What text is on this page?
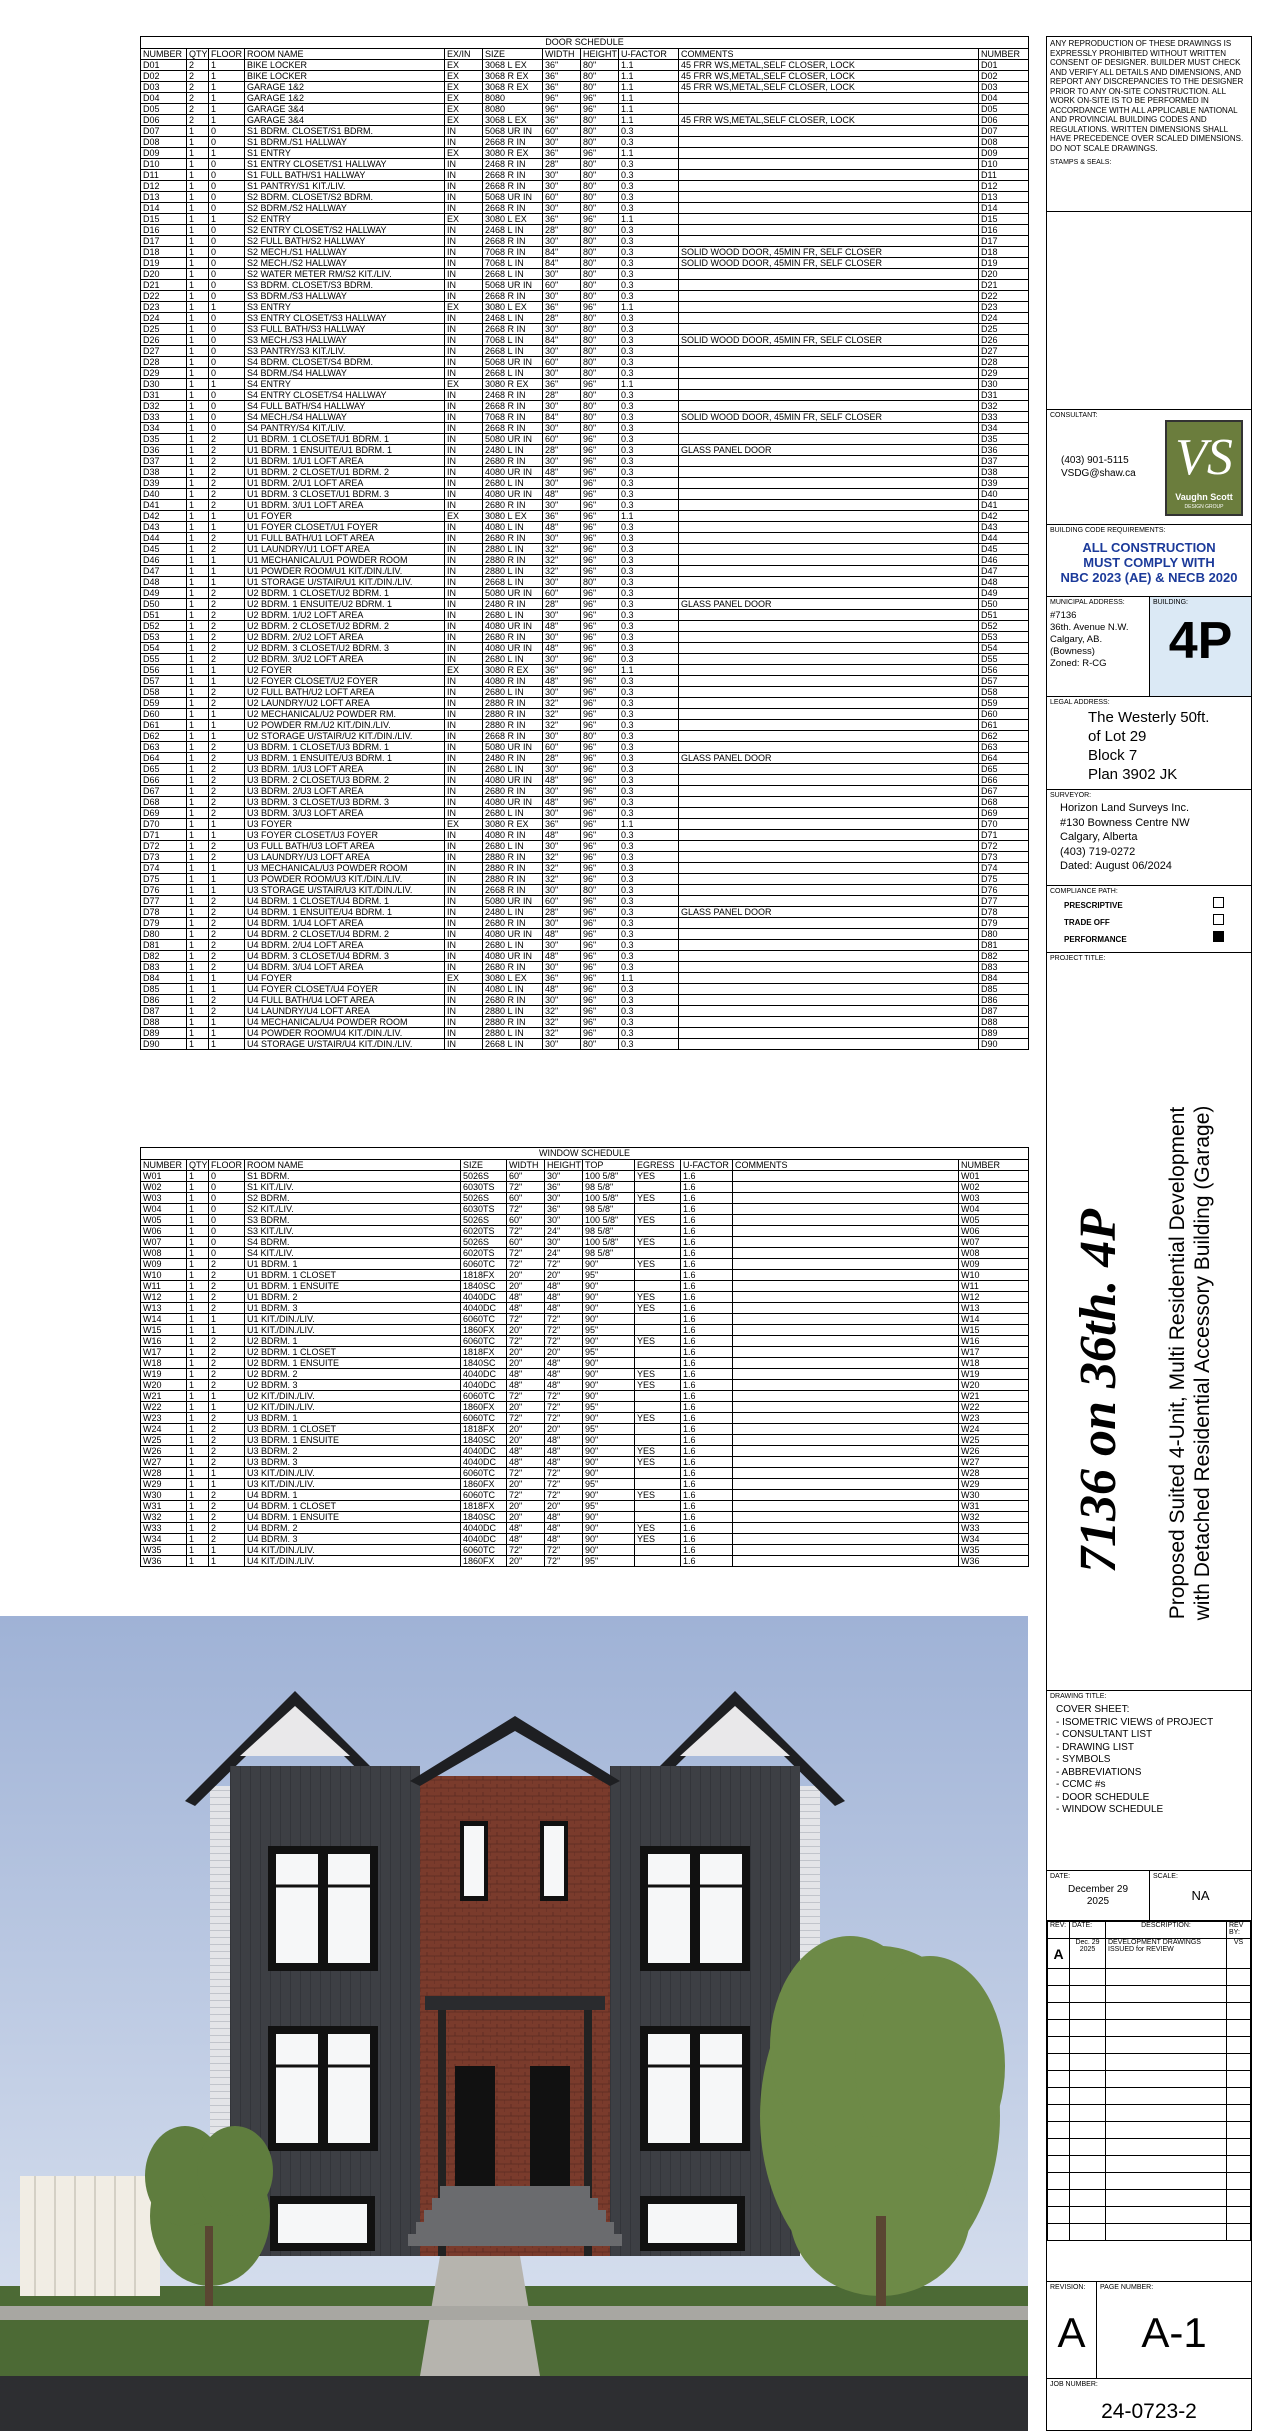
DOOR SCHEDULE
NUMBER	QTY	FLOOR	ROOM NAME	EX/IN	SIZE	WIDTH	HEIGHT	U-FACTOR	COMMENTS	NUMBER
D01	2	1	BIKE LOCKER	EX	3068 L EX	36"	80"	1.1	45 FRR WS,METAL,SELF CLOSER, LOCK	D01
D02	2	1	BIKE LOCKER	EX	3068 R EX	36"	80"	1.1	45 FRR WS,METAL,SELF CLOSER, LOCK	D02
D03	2	1	GARAGE 1&2	EX	3068 R EX	36"	80"	1.1	45 FRR WS,METAL,SELF CLOSER, LOCK	D03
D04	2	1	GARAGE 1&2	EX	8080	96"	96"	1.1		D04
D05	2	1	GARAGE 3&4	EX	8080	96"	96"	1.1		D05
D06	2	1	GARAGE 3&4	EX	3068 L EX	36"	80"	1.1	45 FRR WS,METAL,SELF CLOSER, LOCK	D06
D07	1	0	S1 BDRM. CLOSET/S1 BDRM.	IN	5068 UR IN	60"	80"	0.3		D07
D08	1	0	S1 BDRM./S1 HALLWAY	IN	2668 R IN	30"	80"	0.3		D08
D09	1	1	S1 ENTRY	EX	3080 R EX	36"	96"	1.1		D09
D10	1	0	S1 ENTRY CLOSET/S1 HALLWAY	IN	2468 R IN	28"	80"	0.3		D10
D11	1	0	S1 FULL BATH/S1 HALLWAY	IN	2668 R IN	30"	80"	0.3		D11
D12	1	0	S1 PANTRY/S1 KIT./LIV.	IN	2668 R IN	30"	80"	0.3		D12
D13	1	0	S2 BDRM. CLOSET/S2 BDRM.	IN	5068 UR IN	60"	80"	0.3		D13
D14	1	0	S2 BDRM./S2 HALLWAY	IN	2668 R IN	30"	80"	0.3		D14
D15	1	1	S2 ENTRY	EX	3080 L EX	36"	96"	1.1		D15
D16	1	0	S2 ENTRY CLOSET/S2 HALLWAY	IN	2468 L IN	28"	80"	0.3		D16
D17	1	0	S2 FULL BATH/S2 HALLWAY	IN	2668 R IN	30"	80"	0.3		D17
D18	1	0	S2 MECH./S1 HALLWAY	IN	7068 R IN	84"	80"	0.3	SOLID WOOD DOOR, 45MIN FR, SELF CLOSER	D18
D19	1	0	S2 MECH./S2 HALLWAY	IN	7068 L IN	84"	80"	0.3	SOLID WOOD DOOR, 45MIN FR, SELF CLOSER	D19
D20	1	0	S2 WATER METER RM/S2 KIT./LIV.	IN	2668 L IN	30"	80"	0.3		D20
D21	1	0	S3 BDRM. CLOSET/S3 BDRM.	IN	5068 UR IN	60"	80"	0.3		D21
D22	1	0	S3 BDRM./S3 HALLWAY	IN	2668 R IN	30"	80"	0.3		D22
D23	1	1	S3 ENTRY	EX	3080 L EX	36"	96"	1.1		D23
D24	1	0	S3 ENTRY CLOSET/S3 HALLWAY	IN	2468 L IN	28"	80"	0.3		D24
D25	1	0	S3 FULL BATH/S3 HALLWAY	IN	2668 R IN	30"	80"	0.3		D25
D26	1	0	S3 MECH./S3 HALLWAY	IN	7068 L IN	84"	80"	0.3	SOLID WOOD DOOR, 45MIN FR, SELF CLOSER	D26
D27	1	0	S3 PANTRY/S3 KIT./LIV.	IN	2668 L IN	30"	80"	0.3		D27
D28	1	0	S4 BDRM. CLOSET/S4 BDRM.	IN	5068 UR IN	60"	80"	0.3		D28
D29	1	0	S4 BDRM./S4 HALLWAY	IN	2668 L IN	30"	80"	0.3		D29
D30	1	1	S4 ENTRY	EX	3080 R EX	36"	96"	1.1		D30
D31	1	0	S4 ENTRY CLOSET/S4 HALLWAY	IN	2468 R IN	28"	80"	0.3		D31
D32	1	0	S4 FULL BATH/S4 HALLWAY	IN	2668 R IN	30"	80"	0.3		D32
D33	1	0	S4 MECH./S4 HALLWAY	IN	7068 R IN	84"	80"	0.3	SOLID WOOD DOOR, 45MIN FR, SELF CLOSER	D33
D34	1	0	S4 PANTRY/S4 KIT./LIV.	IN	2668 R IN	30"	80"	0.3		D34
D35	1	2	U1 BDRM. 1 CLOSET/U1 BDRM. 1	IN	5080 UR IN	60"	96"	0.3		D35
D36	1	2	U1 BDRM. 1 ENSUITE/U1 BDRM. 1	IN	2480 L IN	28"	96"	0.3	GLASS PANEL DOOR	D36
D37	1	2	U1 BDRM. 1/U1 LOFT AREA	IN	2680 R IN	30"	96"	0.3		D37
D38	1	2	U1 BDRM. 2 CLOSET/U1 BDRM. 2	IN	4080 UR IN	48"	96"	0.3		D38
D39	1	2	U1 BDRM. 2/U1 LOFT AREA	IN	2680 L IN	30"	96"	0.3		D39
D40	1	2	U1 BDRM. 3 CLOSET/U1 BDRM. 3	IN	4080 UR IN	48"	96"	0.3		D40
D41	1	2	U1 BDRM. 3/U1 LOFT AREA	IN	2680 R IN	30"	96"	0.3		D41
D42	1	1	U1 FOYER	EX	3080 L EX	36"	96"	1.1		D42
D43	1	1	U1 FOYER CLOSET/U1 FOYER	IN	4080 L IN	48"	96"	0.3		D43
D44	1	2	U1 FULL BATH/U1 LOFT AREA	IN	2680 R IN	30"	96"	0.3		D44
D45	1	2	U1 LAUNDRY/U1 LOFT AREA	IN	2880 L IN	32"	96"	0.3		D45
D46	1	1	U1 MECHANICAL/U1 POWDER ROOM	IN	2880 R IN	32"	96"	0.3		D46
D47	1	1	U1 POWDER ROOM/U1 KIT./DIN./LIV.	IN	2880 L IN	32"	96"	0.3		D47
D48	1	1	U1 STORAGE U/STAIR/U1 KIT./DIN./LIV.	IN	2668 L IN	30"	80"	0.3		D48
D49	1	2	U2 BDRM. 1 CLOSET/U2 BDRM. 1	IN	5080 UR IN	60"	96"	0.3		D49
D50	1	2	U2 BDRM. 1 ENSUITE/U2 BDRM. 1	IN	2480 R IN	28"	96"	0.3	GLASS PANEL DOOR	D50
D51	1	2	U2 BDRM. 1/U2 LOFT AREA	IN	2680 L IN	30"	96"	0.3		D51
D52	1	2	U2 BDRM. 2 CLOSET/U2 BDRM. 2	IN	4080 UR IN	48"	96"	0.3		D52
D53	1	2	U2 BDRM. 2/U2 LOFT AREA	IN	2680 R IN	30"	96"	0.3		D53
D54	1	2	U2 BDRM. 3 CLOSET/U2 BDRM. 3	IN	4080 UR IN	48"	96"	0.3		D54
D55	1	2	U2 BDRM. 3/U2 LOFT AREA	IN	2680 L IN	30"	96"	0.3		D55
D56	1	1	U2 FOYER	EX	3080 R EX	36"	96"	1.1		D56
D57	1	1	U2 FOYER CLOSET/U2 FOYER	IN	4080 R IN	48"	96"	0.3		D57
D58	1	2	U2 FULL BATH/U2 LOFT AREA	IN	2680 L IN	30"	96"	0.3		D58
D59	1	2	U2 LAUNDRY/U2 LOFT AREA	IN	2880 R IN	32"	96"	0.3		D59
D60	1	1	U2 MECHANICAL/U2 POWDER RM.	IN	2880 R IN	32"	96"	0.3		D60
D61	1	1	U2 POWDER RM./U2 KIT./DIN./LIV.	IN	2880 R IN	32"	96"	0.3		D61
D62	1	1	U2 STORAGE U/STAIR/U2 KIT./DIN./LIV.	IN	2668 R IN	30"	80"	0.3		D62
D63	1	2	U3 BDRM. 1 CLOSET/U3 BDRM. 1	IN	5080 UR IN	60"	96"	0.3		D63
D64	1	2	U3 BDRM. 1 ENSUITE/U3 BDRM. 1	IN	2480 R IN	28"	96"	0.3	GLASS PANEL DOOR	D64
D65	1	2	U3 BDRM. 1/U3 LOFT AREA	IN	2680 L IN	30"	96"	0.3		D65
D66	1	2	U3 BDRM. 2 CLOSET/U3 BDRM. 2	IN	4080 UR IN	48"	96"	0.3		D66
D67	1	2	U3 BDRM. 2/U3 LOFT AREA	IN	2680 R IN	30"	96"	0.3		D67
D68	1	2	U3 BDRM. 3 CLOSET/U3 BDRM. 3	IN	4080 UR IN	48"	96"	0.3		D68
D69	1	2	U3 BDRM. 3/U3 LOFT AREA	IN	2680 L IN	30"	96"	0.3		D69
D70	1	1	U3 FOYER	EX	3080 R EX	36"	96"	1.1		D70
D71	1	1	U3 FOYER CLOSET/U3 FOYER	IN	4080 R IN	48"	96"	0.3		D71
D72	1	2	U3 FULL BATH/U3 LOFT AREA	IN	2680 L IN	30"	96"	0.3		D72
D73	1	2	U3 LAUNDRY/U3 LOFT AREA	IN	2880 R IN	32"	96"	0.3		D73
D74	1	1	U3 MECHANICAL/U3 POWDER ROOM	IN	2880 R IN	32"	96"	0.3		D74
D75	1	1	U3 POWDER ROOM/U3 KIT./DIN./LIV.	IN	2880 R IN	32"	96"	0.3		D75
D76	1	1	U3 STORAGE U/STAIR/U3 KIT./DIN./LIV.	IN	2668 R IN	30"	80"	0.3		D76
D77	1	2	U4 BDRM. 1 CLOSET/U4 BDRM. 1	IN	5080 UR IN	60"	96"	0.3		D77
D78	1	2	U4 BDRM. 1 ENSUITE/U4 BDRM. 1	IN	2480 L IN	28"	96"	0.3	GLASS PANEL DOOR	D78
D79	1	2	U4 BDRM. 1/U4 LOFT AREA	IN	2680 R IN	30"	96"	0.3		D79
D80	1	2	U4 BDRM. 2 CLOSET/U4 BDRM. 2	IN	4080 UR IN	48"	96"	0.3		D80
D81	1	2	U4 BDRM. 2/U4 LOFT AREA	IN	2680 L IN	30"	96"	0.3		D81
D82	1	2	U4 BDRM. 3 CLOSET/U4 BDRM. 3	IN	4080 UR IN	48"	96"	0.3		D82
D83	1	2	U4 BDRM. 3/U4 LOFT AREA	IN	2680 R IN	30"	96"	0.3		D83
D84	1	1	U4 FOYER	EX	3080 L EX	36"	96"	1.1		D84
D85	1	1	U4 FOYER CLOSET/U4 FOYER	IN	4080 L IN	48"	96"	0.3		D85
D86	1	2	U4 FULL BATH/U4 LOFT AREA	IN	2680 R IN	30"	96"	0.3		D86
D87	1	2	U4 LAUNDRY/U4 LOFT AREA	IN	2880 L IN	32"	96"	0.3		D87
D88	1	1	U4 MECHANICAL/U4 POWDER ROOM	IN	2880 R IN	32"	96"	0.3		D88
D89	1	1	U4 POWDER ROOM/U4 KIT./DIN./LIV.	IN	2880 L IN	32"	96"	0.3		D89
D90	1	1	U4 STORAGE U/STAIR/U4 KIT./DIN./LIV.	IN	2668 L IN	30"	80"	0.3		D90
WINDOW SCHEDULE
NUMBER	QTY	FLOOR	ROOM NAME	SIZE	WIDTH	HEIGHT	TOP	EGRESS	U-FACTOR	COMMENTS	NUMBER
W01	1	0	S1 BDRM.	5026S	60"	30"	100 5/8"	YES	1.6		W01
W02	1	0	S1 KIT./LIV.	6030TS	72"	36"	98 5/8"		1.6		W02
W03	1	0	S2 BDRM.	5026S	60"	30"	100 5/8"	YES	1.6		W03
W04	1	0	S2 KIT./LIV.	6030TS	72"	36"	98 5/8"		1.6		W04
W05	1	0	S3 BDRM.	5026S	60"	30"	100 5/8"	YES	1.6		W05
W06	1	0	S3 KIT./LIV.	6020TS	72"	24"	98 5/8"		1.6		W06
W07	1	0	S4 BDRM.	5026S	60"	30"	100 5/8"	YES	1.6		W07
W08	1	0	S4 KIT./LIV.	6020TS	72"	24"	98 5/8"		1.6		W08
W09	1	2	U1 BDRM. 1	6060TC	72"	72"	90"	YES	1.6		W09
W10	1	2	U1 BDRM. 1 CLOSET	1818FX	20"	20"	95"		1.6		W10
W11	1	2	U1 BDRM. 1 ENSUITE	1840SC	20"	48"	90"		1.6		W11
W12	1	2	U1 BDRM. 2	4040DC	48"	48"	90"	YES	1.6		W12
W13	1	2	U1 BDRM. 3	4040DC	48"	48"	90"	YES	1.6		W13
W14	1	1	U1 KIT./DIN./LIV.	6060TC	72"	72"	90"		1.6		W14
W15	1	1	U1 KIT./DIN./LIV.	1860FX	20"	72"	95"		1.6		W15
W16	1	2	U2 BDRM. 1	6060TC	72"	72"	90"	YES	1.6		W16
W17	1	2	U2 BDRM. 1 CLOSET	1818FX	20"	20"	95"		1.6		W17
W18	1	2	U2 BDRM. 1 ENSUITE	1840SC	20"	48"	90"		1.6		W18
W19	1	2	U2 BDRM. 2	4040DC	48"	48"	90"	YES	1.6		W19
W20	1	2	U2 BDRM. 3	4040DC	48"	48"	90"	YES	1.6		W20
W21	1	1	U2 KIT./DIN./LIV.	6060TC	72"	72"	90"		1.6		W21
W22	1	1	U2 KIT./DIN./LIV.	1860FX	20"	72"	95"		1.6		W22
W23	1	2	U3 BDRM. 1	6060TC	72"	72"	90"	YES	1.6		W23
W24	1	2	U3 BDRM. 1 CLOSET	1818FX	20"	20"	95"		1.6		W24
W25	1	2	U3 BDRM. 1 ENSUITE	1840SC	20"	48"	90"		1.6		W25
W26	1	2	U3 BDRM. 2	4040DC	48"	48"	90"	YES	1.6		W26
W27	1	2	U3 BDRM. 3	4040DC	48"	48"	90"	YES	1.6		W27
W28	1	1	U3 KIT./DIN./LIV.	6060TC	72"	72"	90"		1.6		W28
W29	1	1	U3 KIT./DIN./LIV.	1860FX	20"	72"	95"		1.6		W29
W30	1	2	U4 BDRM. 1	6060TC	72"	72"	90"	YES	1.6		W30
W31	1	2	U4 BDRM. 1 CLOSET	1818FX	20"	20"	95"		1.6		W31
W32	1	2	U4 BDRM. 1 ENSUITE	1840SC	20"	48"	90"		1.6		W32
W33	1	2	U4 BDRM. 2	4040DC	48"	48"	90"	YES	1.6		W33
W34	1	2	U4 BDRM. 3	4040DC	48"	48"	90"	YES	1.6		W34
W35	1	1	U4 KIT./DIN./LIV.	6060TC	72"	72"	90"		1.6		W35
W36	1	1	U4 KIT./DIN./LIV.	1860FX	20"	72"	95"		1.6		W36
ANY REPRODUCTION OF THESE DRAWINGS IS EXPRESSLY PROHIBITED WITHOUT WRITTEN CONSENT OF DESIGNER. BUILDER MUST CHECK AND VERIFY ALL DETAILS AND DIMENSIONS, AND REPORT ANY DISCREPANCIES TO THE DESIGNER PRIOR TO ANY ON-SITE CONSTRUCTION. ALL WORK ON-SITE IS TO BE PERFORMED IN ACCORDANCE WITH ALL APPLICABLE NATIONAL AND PROVINCIAL BUILDING CODES AND REGULATIONS. WRITTEN DIMENSIONS SHALL HAVE PRECEDENCE OVER SCALED DIMENSIONS. DO NOT SCALE DRAWINGS.
STAMPS & SEALS:
CONSULTANT:
(403) 901-5115
VSDG@shaw.ca VS
Vaughn Scott
DESIGN GROUP
BUILDING CODE REQUIREMENTS:
ALL CONSTRUCTION
MUST COMPLY WITH
NBC 2023 (AE) & NECB 2020
MUNICIPAL ADDRESS:
#7136
36th. Avenue N.W.
Calgary, AB.
(Bowness)
Zoned: R-CG
BUILDING:
4P
LEGAL ADDRESS:
The Westerly 50ft.
of Lot 29
Block 7
Plan 3902 JK
SURVEYOR:
Horizon Land Surveys Inc.
#130 Bowness Centre NW
Calgary, Alberta
(403) 719-0272
Dated: August 06/2024
COMPLIANCE PATH:
PRESCRIPTIVE
TRADE OFF
PERFORMANCE
PROJECT TITLE:
7136 on 36th. 4P Proposed Suited 4-Unit, Multi Residential Development with Detached Residential Accessory Building (Garage)
DRAWING TITLE:
COVER SHEET:
- ISOMETRIC VIEWS of PROJECT
- CONSULTANT LIST
- DRAWING LIST
- SYMBOLS
- ABBREVIATIONS
- CCMC #s
- DOOR SCHEDULE
- WINDOW SCHEDULE
DATE:
December 29
2025
SCALE:
NA
REV:	DATE:	DESCRIPTION:	REV BY:
A	Dec. 29 2025	DEVELOPMENT DRAWINGS ISSUED for REVIEW	VS

REVISION:
A
PAGE NUMBER:
A-1
JOB NUMBER:
24-0723-2
